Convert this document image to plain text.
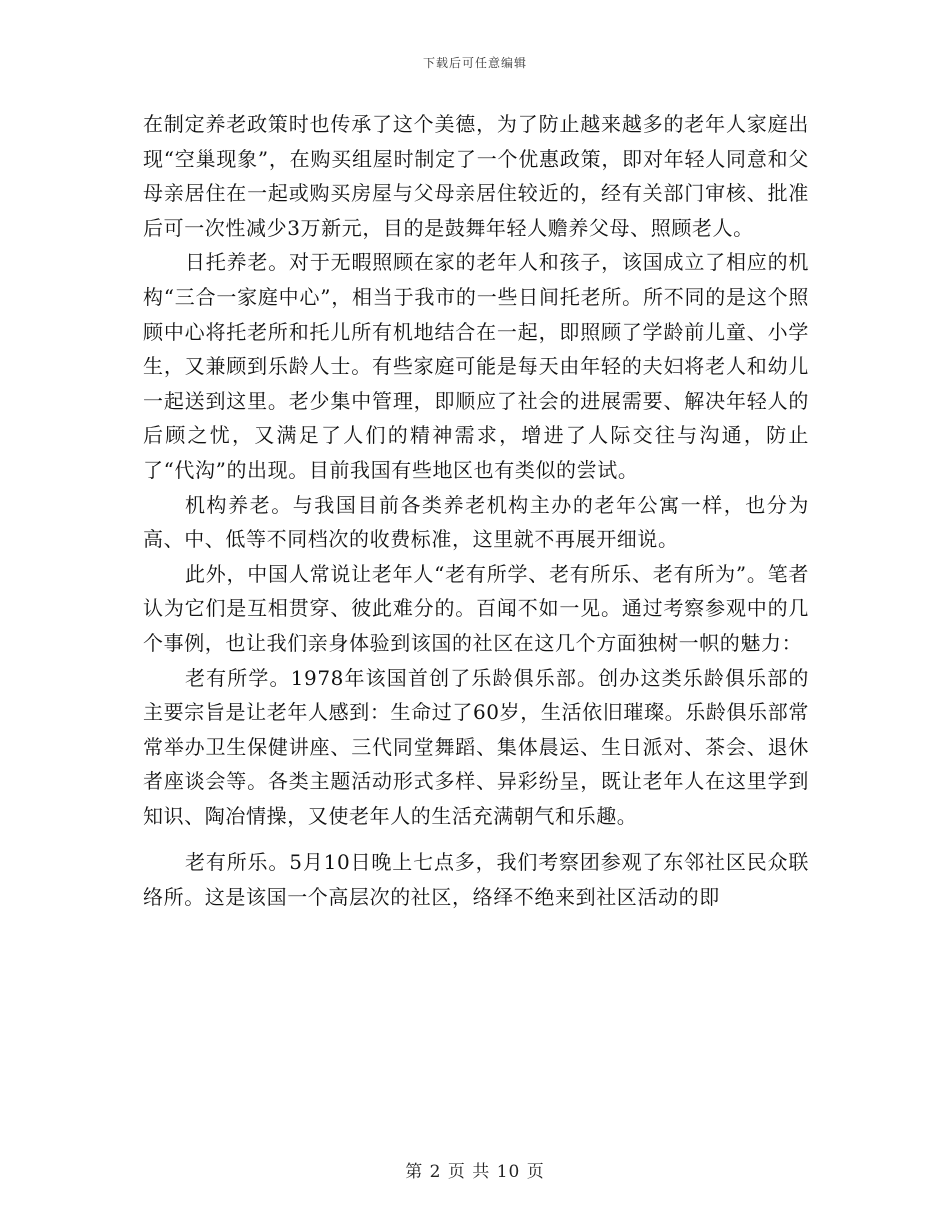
下载后可任意编辑

在制定养老政策时也传承了这个美德，为了防止越来越多的老年人家庭出现“空巢现象”，在购买组屋时制定了一个优惠政策，即对年轻人同意和父母亲居住在一起或购买房屋与父母亲居住较近的，经有关部门审核、批准后可一次性减少3万新元，目的是鼓舞年轻人赡养父母、照顾老人。

日托养老。对于无暇照顾在家的老年人和孩子，该国成立了相应的机构“三合一家庭中心”，相当于我市的一些日间托老所。所不同的是这个照顾中心将托老所和托儿所有机地结合在一起，即照顾了学龄前儿童、小学生，又兼顾到乐龄人士。有些家庭可能是每天由年轻的夫妇将老人和幼儿一起送到这里。老少集中管理，即顺应了社会的进展需要、解决年轻人的后顾之忧，又满足了人们的精神需求，增进了人际交往与沟通，防止了“代沟”的出现。目前我国有些地区也有类似的尝试。

机构养老。与我国目前各类养老机构主办的老年公寓一样，也分为高、中、低等不同档次的收费标准，这里就不再展开细说。

此外，中国人常说让老年人“老有所学、老有所乐、老有所为”。笔者认为它们是互相贯穿、彼此难分的。百闻不如一见。通过考察参观中的几个事例，也让我们亲身体验到该国的社区在这几个方面独树一帜的魅力：

老有所学。1978年该国首创了乐龄俱乐部。创办这类乐龄俱乐部的主要宗旨是让老年人感到：生命过了60岁，生活依旧璀璨。乐龄俱乐部常常举办卫生保健讲座、三代同堂舞蹈、集体晨运、生日派对、茶会、退休者座谈会等。各类主题活动形式多样、异彩纷呈，既让老年人在这里学到知识、陶冶情操，又使老年人的生活充满朝气和乐趣。

老有所乐。5月10日晚上七点多，我们考察团参观了东邻社区民众联络所。这是该国一个高层次的社区，络绎不绝来到社区活动的即

第 2 页 共 10 页
